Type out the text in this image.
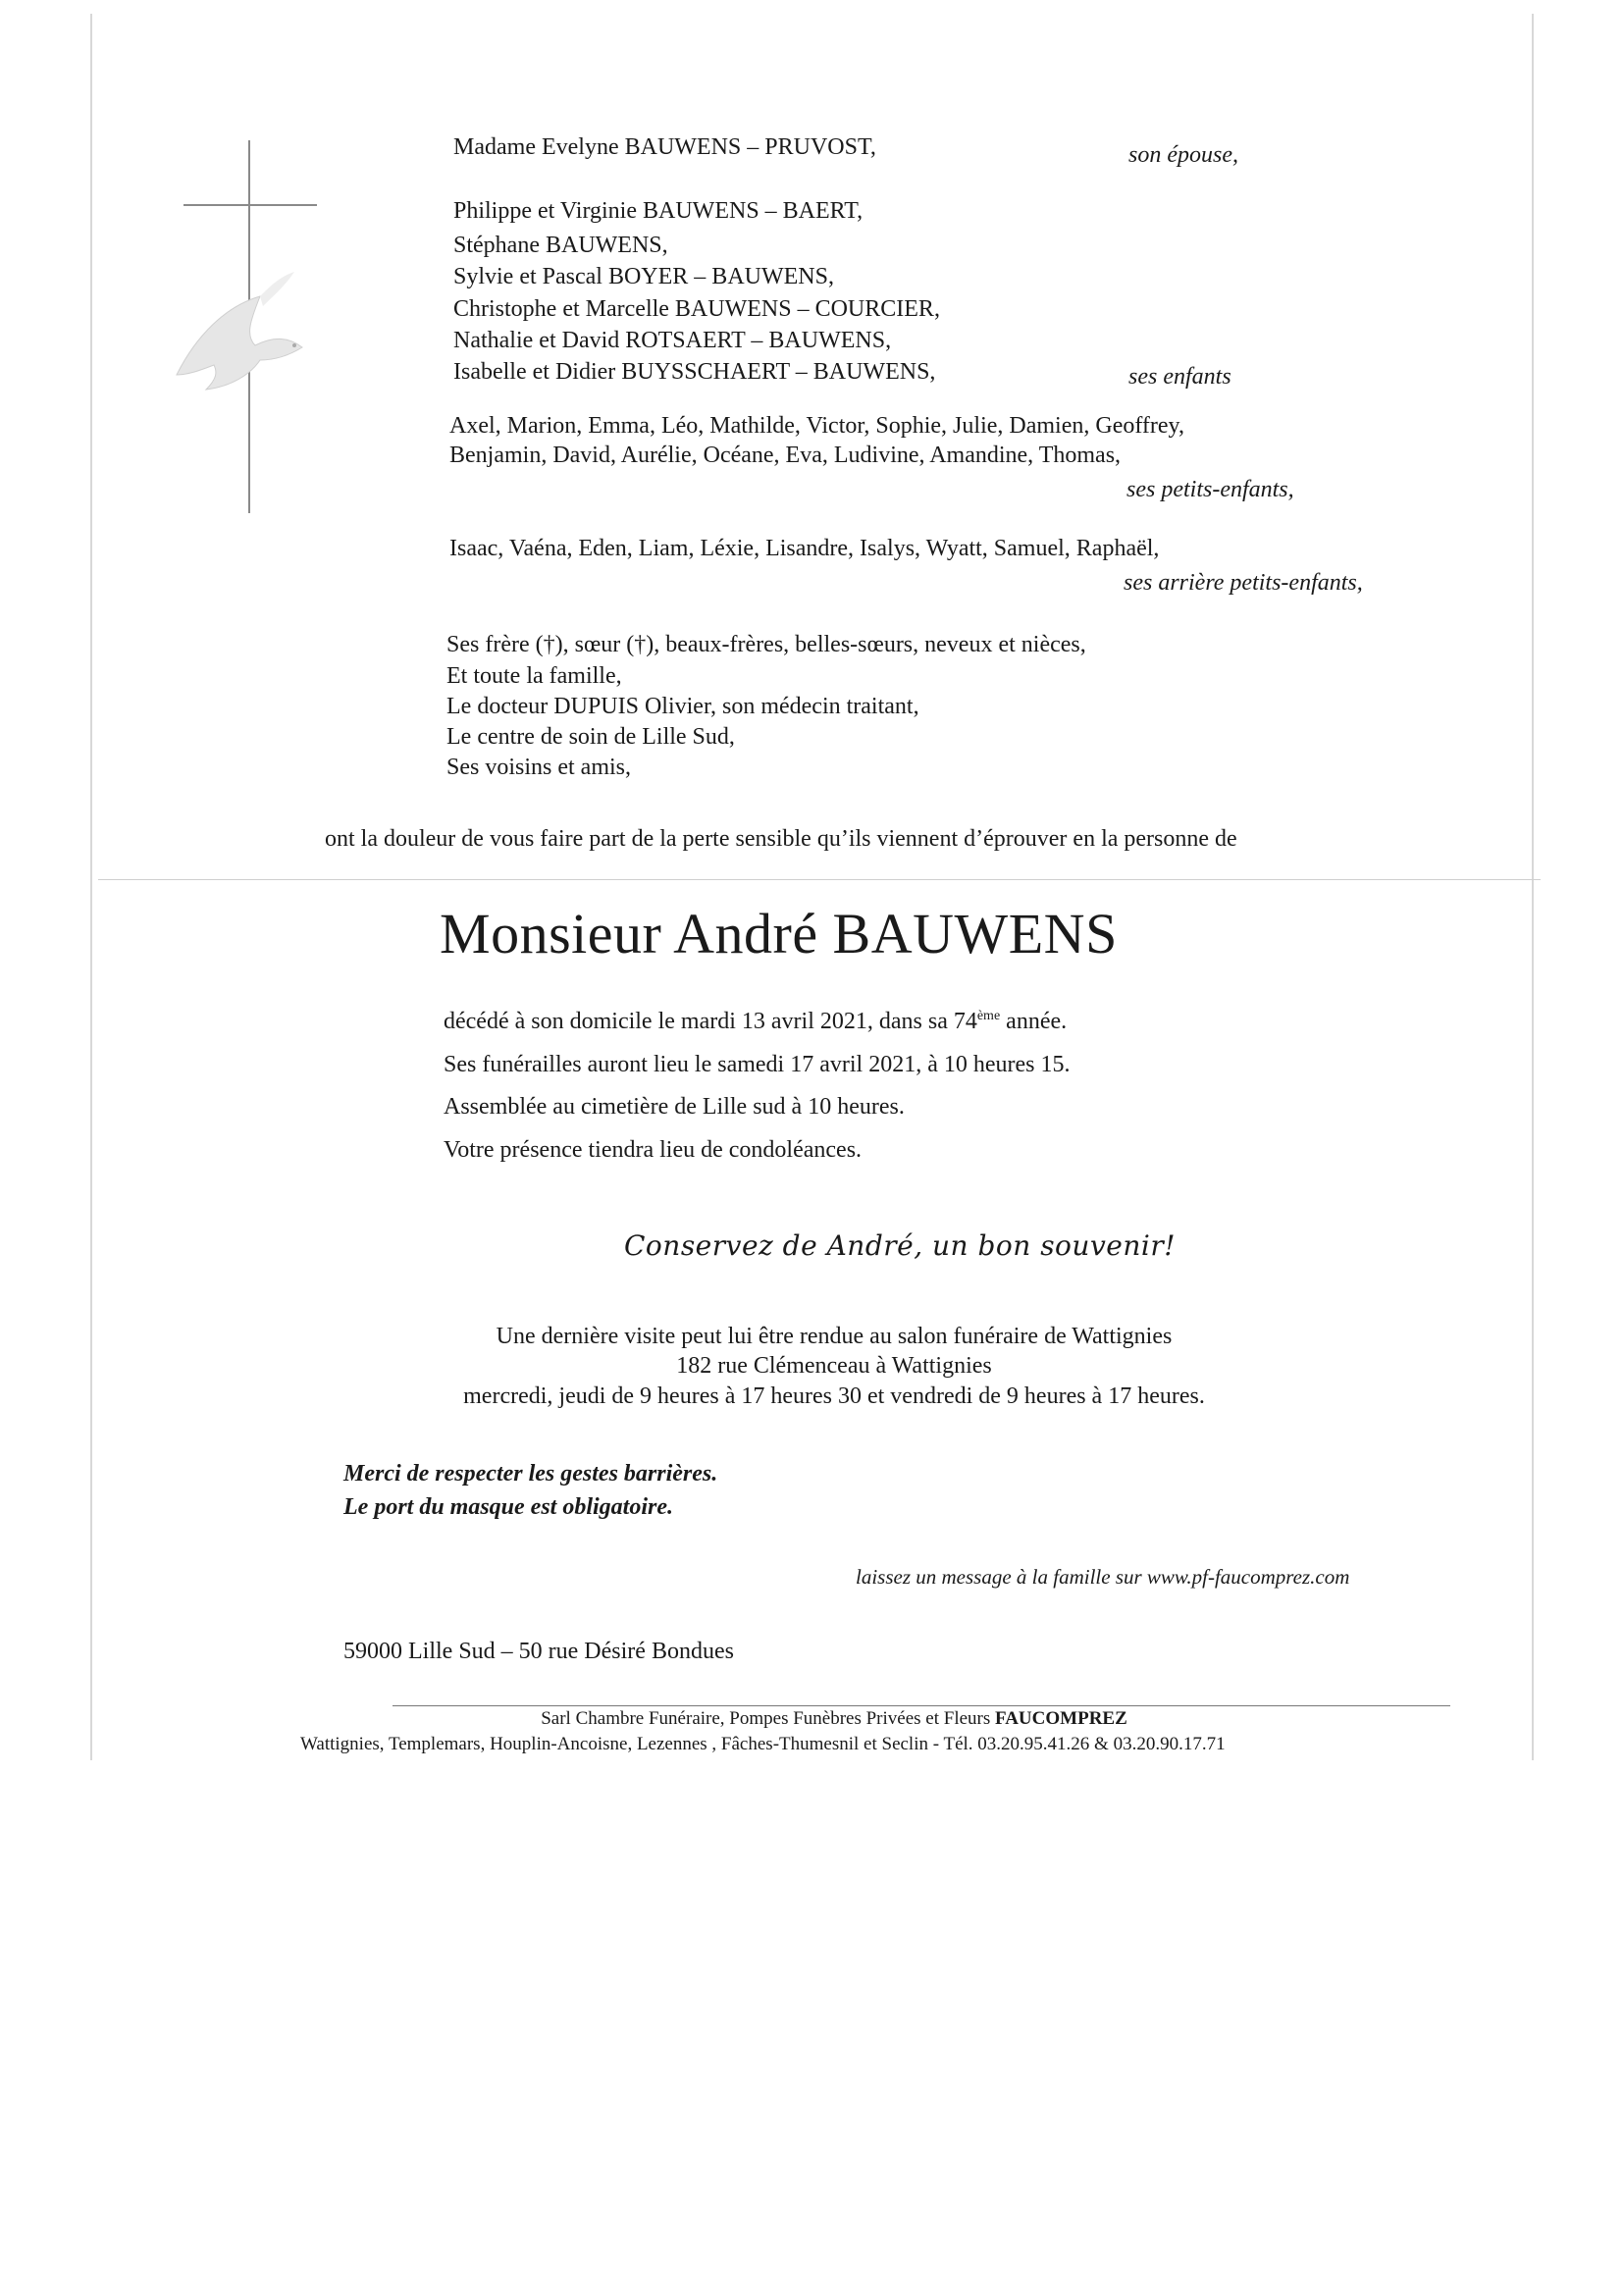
Madame Evelyne BAUWENS – PRUVOST,	son épouse,
Philippe et Virginie BAUWENS – BAERT,
Stéphane BAUWENS,
Sylvie et Pascal BOYER – BAUWENS,
Christophe et Marcelle BAUWENS – COURCIER,
Nathalie et David ROTSAERT – BAUWENS,
Isabelle et Didier BUYSSCHAERT – BAUWENS,	ses enfants
Axel, Marion, Emma, Léo, Mathilde, Victor, Sophie, Julie, Damien, Geoffrey,
Benjamin, David, Aurélie, Océane, Eva, Ludivine, Amandine, Thomas,
ses petits-enfants,
Isaac, Vaéna, Eden, Liam, Léxie, Lisandre, Isalys, Wyatt, Samuel, Raphaël,
ses arrière petits-enfants,
Ses frère (†), sœur (†), beaux-frères, belles-sœurs, neveux et nièces,
Et toute la famille,
Le docteur DUPUIS Olivier, son médecin traitant,
Le centre de soin de Lille Sud,
Ses voisins et amis,
ont la douleur de vous faire part de la perte sensible qu’ils viennent d’éprouver en la personne de
Monsieur André BAUWENS
décédé à son domicile le mardi 13 avril 2021, dans sa 74ème année.
Ses funérailles auront lieu le samedi 17 avril 2021, à 10 heures 15.
Assemblée au cimetière de Lille sud à 10 heures.
Votre présence tiendra lieu de condoléances.
Conservez de André, un bon souvenir!
Une dernière visite peut lui être rendue au salon funéraire de Wattignies
182 rue Clémenceau à Wattignies
mercredi, jeudi de 9 heures à 17 heures 30 et vendredi de 9 heures à 17 heures.
Merci de respecter les gestes barrières.
Le port du masque est obligatoire.
laissez un message à la famille sur www.pf-faucomprez.com
59000 Lille Sud – 50 rue Désiré Bondues
Sarl Chambre Funéraire, Pompes Funèbres Privées et Fleurs FAUCOMPREZ
Wattignies, Templemars, Houplin-Ancoisne, Lezennes , Fâches-Thumesnil et Seclin - Tél. 03.20.95.41.26 & 03.20.90.17.71
